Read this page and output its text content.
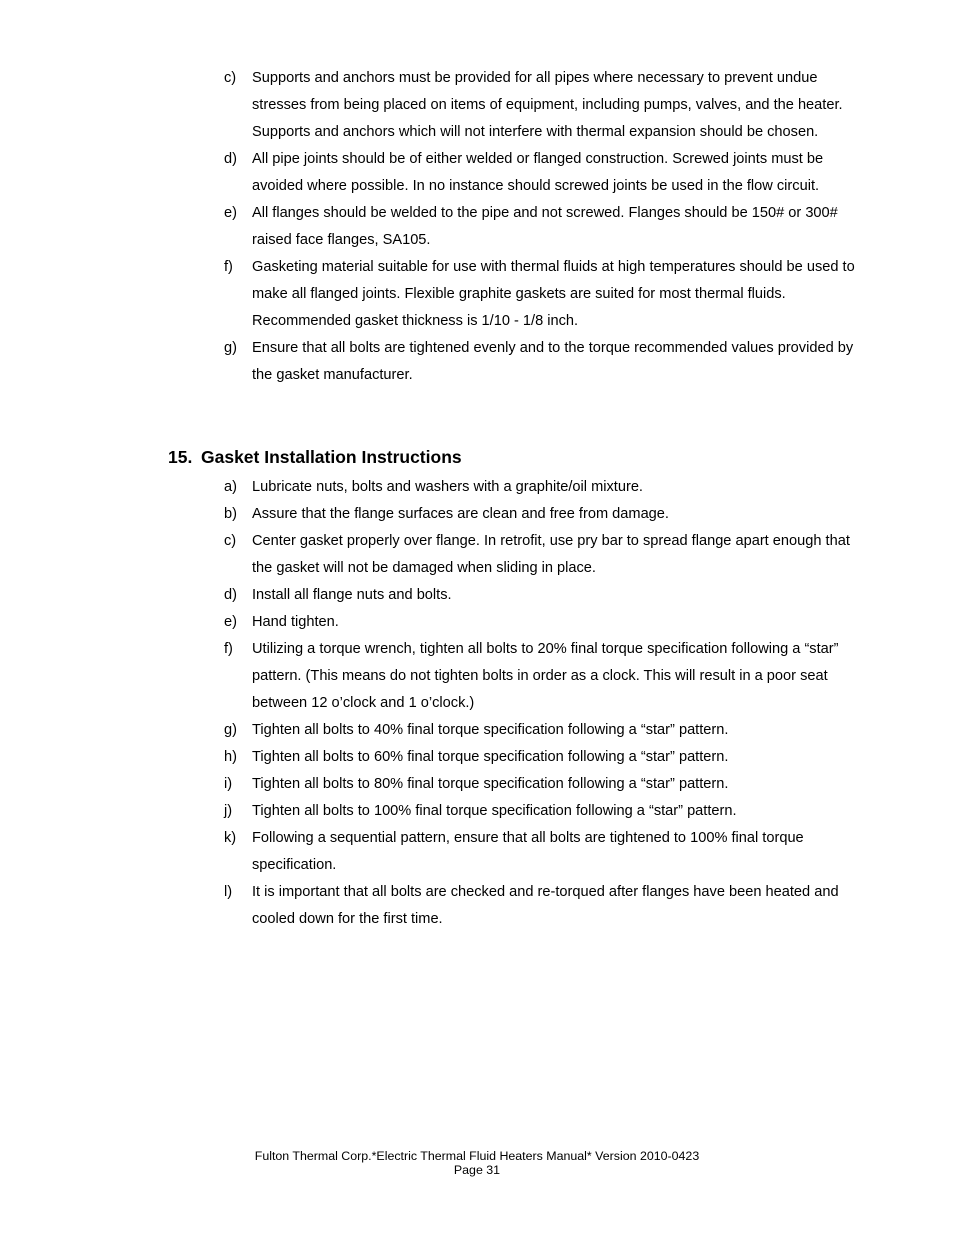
c)	Supports and anchors must be provided for all pipes where necessary to prevent undue stresses from being placed on items of equipment, including pumps, valves, and the heater. Supports and anchors which will not interfere with thermal expansion should be chosen.
d)	All pipe joints should be of either welded or flanged construction. Screwed joints must be avoided where possible. In no instance should screwed joints be used in the flow circuit.
e)	All flanges should be welded to the pipe and not screwed. Flanges should be 150# or 300# raised face flanges, SA105.
f)	Gasketing material suitable for use with thermal fluids at high temperatures should be used to make all flanged joints. Flexible graphite gaskets are suited for most thermal fluids. Recommended gasket thickness is 1/10 - 1/8 inch.
g)	Ensure that all bolts are tightened evenly and to the torque recommended values provided by the gasket manufacturer.
15. Gasket Installation Instructions
a)	Lubricate nuts, bolts and washers with a graphite/oil mixture.
b)	Assure that the flange surfaces are clean and free from damage.
c)	Center gasket properly over flange. In retrofit, use pry bar to spread flange apart enough that the gasket will not be damaged when sliding in place.
d)	Install all flange nuts and bolts.
e)	Hand tighten.
f)	Utilizing a torque wrench, tighten all bolts to 20% final torque specification following a “star” pattern. (This means do not tighten bolts in order as a clock. This will result in a poor seat between 12 o’clock and 1 o’clock.)
g)	Tighten all bolts to 40% final torque specification following a “star” pattern.
h)	Tighten all bolts to 60% final torque specification following a “star” pattern.
i)	Tighten all bolts to 80% final torque specification following a “star” pattern.
j)	Tighten all bolts to 100% final torque specification following a “star” pattern.
k)	Following a sequential pattern, ensure that all bolts are tightened to 100% final torque specification.
l)	It is important that all bolts are checked and re-torqued after flanges have been heated and cooled down for the first time.
Fulton Thermal Corp.*Electric Thermal Fluid Heaters Manual* Version 2010-0423
Page 31
